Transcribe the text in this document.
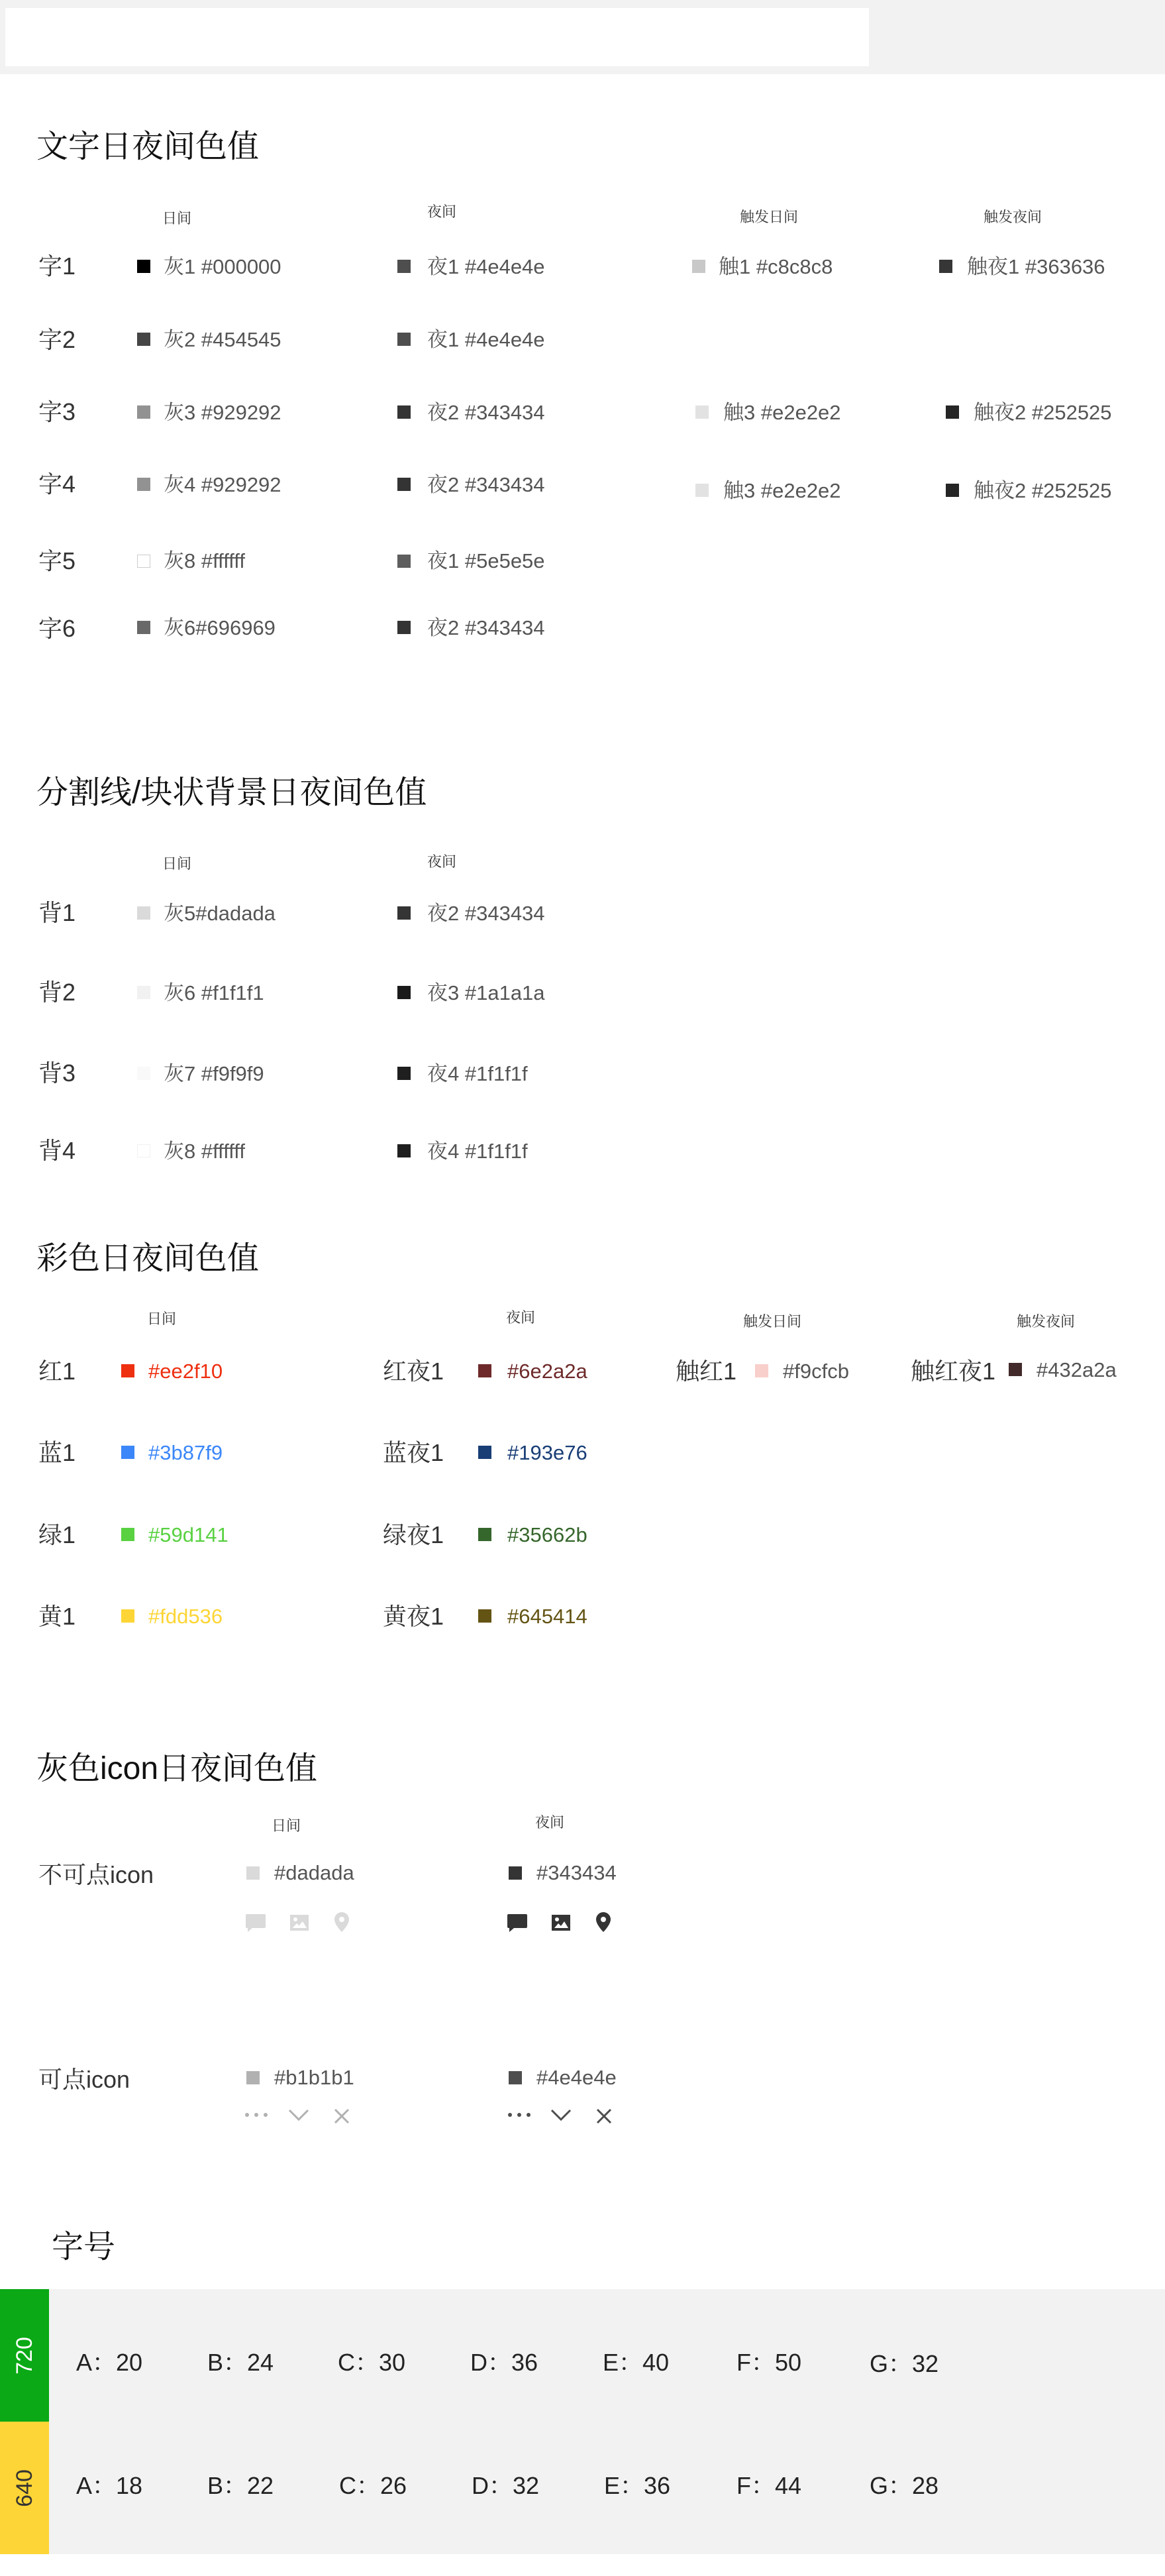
文字日夜间色值
日间	夜间	触发日间	触发夜间
字1	灰1 #000000	夜1 #4e4e4e	触1 #c8c8c8	触夜1 #363636
字2	灰2 #454545	夜1 #4e4e4e
字3	灰3 #929292	夜2 #343434	触3 #e2e2e2	触夜2 #252525
字4	灰4 #929292	夜2 #343434	触3 #e2e2e2	触夜2 #252525
字5	灰8 #ffffff	夜1 #5e5e5e
字6	灰6#696969	夜2 #343434
分割线/块状背景日夜间色值
日间	夜间
背1	灰5#dadada	夜2 #343434
背2	灰6 #f1f1f1	夜3 #1a1a1a
背3	灰7 #f9f9f9	夜4 #1f1f1f
背4	灰8 #ffffff	夜4 #1f1f1f
彩色日夜间色值
日间	夜间	触发日间	触发夜间
红1	#ee2f10	红夜1	#6e2a2a	触红1 #f9cfcb	触红夜1 #432a2a
蓝1	#3b87f9	蓝夜1	#193e76
绿1	#59d141	绿夜1	#35662b
黄1	#fdd536	黄夜1	#645414
灰色icon日夜间色值
日间	夜间
不可点icon	#dadada	#343434
可点icon	#b1b1b1	#4e4e4e
字号
720 A：20	B：24	C：30	D：36	E：40	F：50	G：32
640 A：18	B：22	C：26	D：32	E：36	F：44	G：28
